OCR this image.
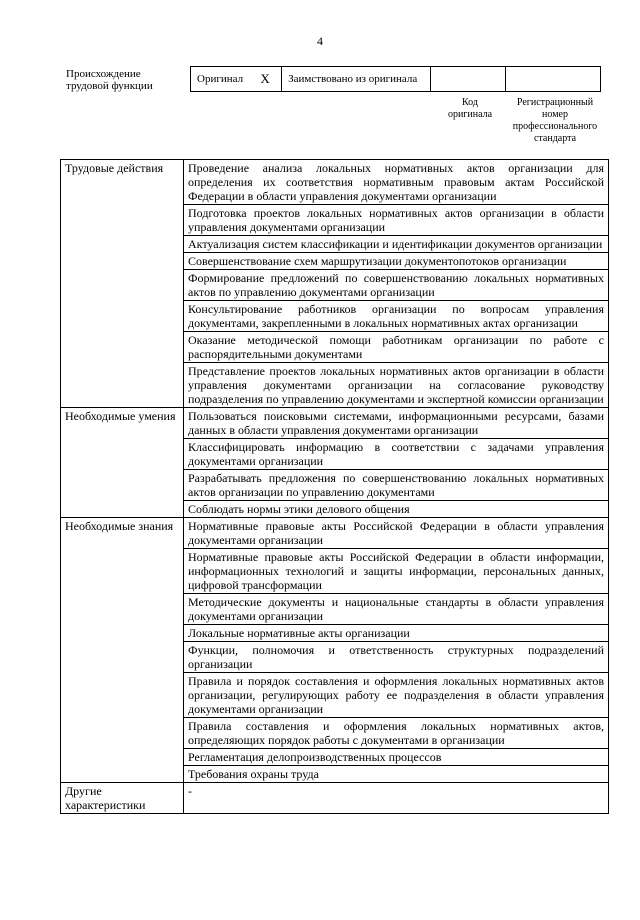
4
Происхождение трудовой функции
Оригинал	X	Заимствовано из оригинала		
Код оригинала
Регистрационный номер профессионального стандарта
Трудовые действия	Проведение анализа локальных нормативных актов организации для определения их соответствия нормативным правовым актам Российской Федерации в области управления документами организации
	Подготовка проектов локальных нормативных актов организации в области управления документами организации
	Актуализация систем классификации и идентификации документов организации
	Совершенствование схем маршрутизации документопотоков организации
	Формирование предложений по совершенствованию локальных нормативных актов по управлению документами организации
	Консультирование работников организации по вопросам управления документами, закрепленными в локальных нормативных актах организации
	Оказание методической помощи работникам организации по работе с распорядительными документами
	Представление проектов локальных нормативных актов организации в области управления документами организации на согласование руководству подразделения по управлению документами и экспертной комиссии организации
Необходимые умения	Пользоваться поисковыми системами, информационными ресурсами, базами данных в области управления документами организации
	Классифицировать информацию в соответствии с задачами управления документами организации
	Разрабатывать предложения по совершенствованию локальных нормативных актов организации по управлению документами
	Соблюдать нормы этики делового общения
Необходимые знания	Нормативные правовые акты Российской Федерации в области управления документами организации
	Нормативные правовые акты Российской Федерации в области информации, информационных технологий и защиты информации, персональных данных, цифровой трансформации
	Методические документы и национальные стандарты в области управления документами организации
	Локальные нормативные акты организации
	Функции, полномочия и ответственность структурных подразделений организации
	Правила и порядок составления и оформления локальных нормативных актов организации, регулирующих работу ее подразделения в области управления документами организации
	Правила составления и оформления локальных нормативных актов, определяющих порядок работы с документами в организации
	Регламентация делопроизводственных процессов
	Требования охраны труда
Другие характеристики	-
